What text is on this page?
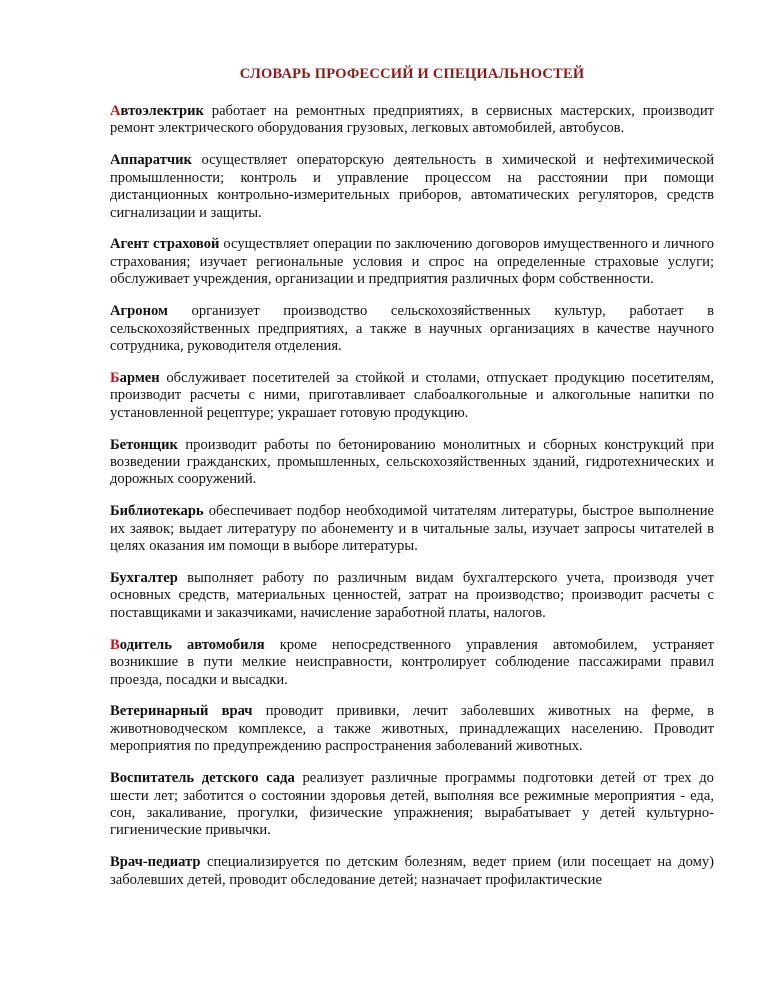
СЛОВАРЬ ПРОФЕССИЙ И СПЕЦИАЛЬНОСТЕЙ

Автоэлектрик работает на ремонтных предприятиях, в сервисных мастерских, производит ремонт электрического оборудования грузовых, легковых автомобилей, автобусов.

Аппаратчик осуществляет операторскую деятельность в химической и нефтехимической промышленности; контроль и управление процессом на расстоянии при помощи дистанционных контрольно-измерительных приборов, автоматических регуляторов, средств сигнализации и защиты.

Агент страховой осуществляет операции по заключению договоров имущественного и личного страхования; изучает региональные условия и спрос на определенные страховые услуги; обслуживает учреждения, организации и предприятия различных форм собственности.

Агроном организует производство сельскохозяйственных культур, работает в сельскохозяйственных предприятиях, а также в научных организациях в качестве научного сотрудника, руководителя отделения.

Бармен обслуживает посетителей за стойкой и столами, отпускает продукцию посетителям, производит расчеты с ними, приготавливает слабоалкогольные и алкогольные напитки по установленной рецептуре; украшает готовую продукцию.

Бетонщик производит работы по бетонированию монолитных и сборных конструкций при возведении гражданских, промышленных, сельскохозяйственных зданий, гидротехнических и дорожных сооружений.

Библиотекарь обеспечивает подбор необходимой читателям литературы, быстрое выполнение их заявок; выдает литературу по абонементу и в читальные залы, изучает запросы читателей в целях оказания им помощи в выборе литературы.

Бухгалтер выполняет работу по различным видам бухгалтерского учета, производя учет основных средств, материальных ценностей, затрат на производство; производит расчеты с поставщиками и заказчиками, начисление заработной платы, налогов.

Водитель автомобиля кроме непосредственного управления автомобилем, устраняет возникшие в пути мелкие неисправности, контролирует соблюдение пассажирами правил проезда, посадки и высадки.

Ветеринарный врач проводит прививки, лечит заболевших животных на ферме, в животноводческом комплексе, а также животных, принадлежащих населению. Проводит мероприятия по предупреждению распространения заболеваний животных.

Воспитатель детского сада реализует различные программы подготовки детей от трех до шести лет; заботится о состоянии здоровья детей, выполняя все режимные мероприятия - еда, сон, закаливание, прогулки, физические упражнения; вырабатывает у детей культурно-гигиенические привычки.

Врач-педиатр специализируется по детским болезням, ведет прием (или посещает на дому) заболевших детей, проводит обследование детей; назначает профилактические
